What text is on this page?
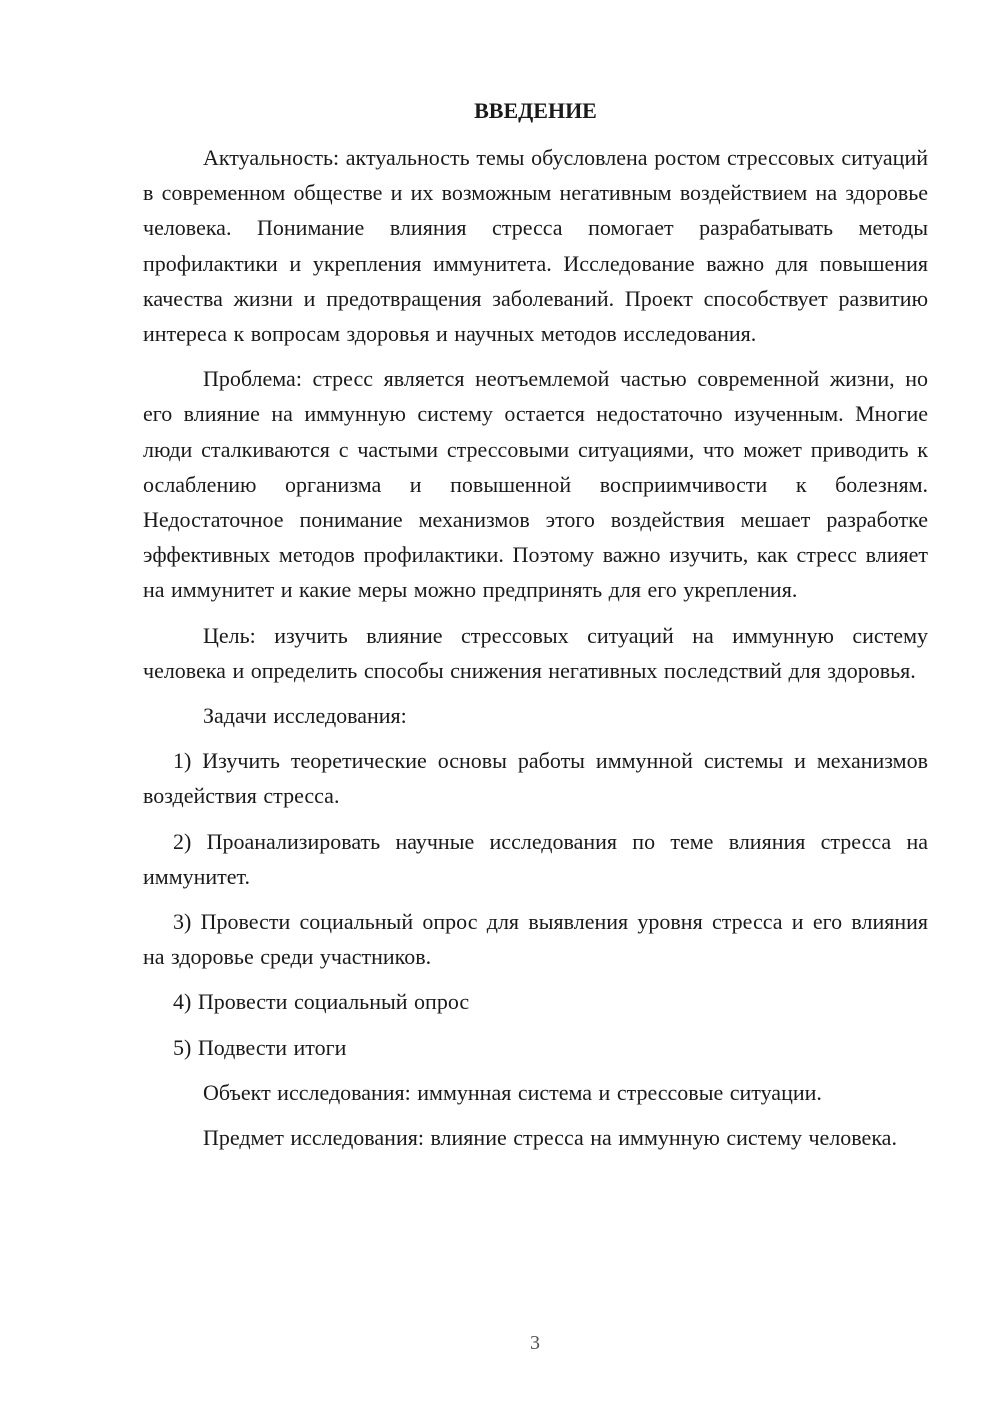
ВВЕДЕНИЕ

Актуальность: актуальность темы обусловлена ростом стрессовых ситуаций в современном обществе и их возможным негативным воздействием на здоровье человека. Понимание влияния стресса помогает разрабатывать методы профилактики и укрепления иммунитета. Исследование важно для повышения качества жизни и предотвращения заболеваний. Проект способствует развитию интереса к вопросам здоровья и научных методов исследования.

Проблема: стресс является неотъемлемой частью современной жизни, но его влияние на иммунную систему остается недостаточно изученным. Многие люди сталкиваются с частыми стрессовыми ситуациями, что может приводить к ослаблению организма и повышенной восприимчивости к болезням. Недостаточное понимание механизмов этого воздействия мешает разработке эффективных методов профилактики. Поэтому важно изучить, как стресс влияет на иммунитет и какие меры можно предпринять для его укрепления.

Цель: изучить влияние стрессовых ситуаций на иммунную систему человека и определить способы снижения негативных последствий для здоровья.

Задачи исследования:

1) Изучить теоретические основы работы иммунной системы и механизмов воздействия стресса.

2) Проанализировать научные исследования по теме влияния стресса на иммунитет.

3) Провести социальный опрос для выявления уровня стресса и его влияния на здоровье среди участников.

4) Провести социальный опрос

5) Подвести итоги

Объект исследования: иммунная система и стрессовые ситуации.

Предмет исследования: влияние стресса на иммунную систему человека.

3
